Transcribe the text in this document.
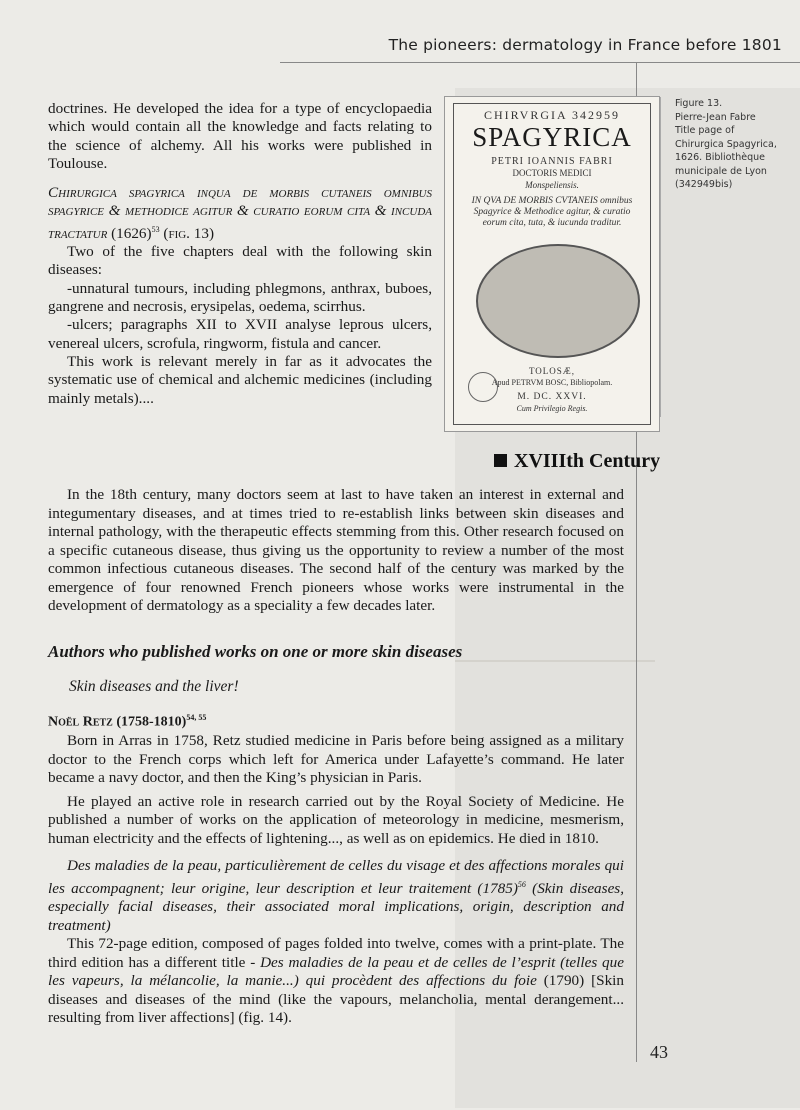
The pioneers: dermatology in France before 1801

doctrines. He developed the idea for a type of encyclopaedia which would contain all the knowledge and facts relating to the science of alchemy. All his works were published in Toulouse.

Chirurgica spagyrica inqua de morbis cutaneis omnibus spagyrice & methodice agitur & curatio eorum cita & incuda tractatur $(1626)^{53}$ (fig. 13)

Two of the five chapters deal with the following skin diseases:

-unnatural tumours, including phlegmons, anthrax, buboes, gangrene and necrosis, erysipelas, oedema, scirrhus.

-ulcers; paragraphs XII to XVII analyse leprous ulcers, venereal ulcers, scrofula, ringworm, fistula and cancer.

This work is relevant merely in far as it advocates the systematic use of chemical and alchemic medicines (including mainly metals)....

CHIRVRGIA 342959
SPAGYRICA
PETRI IOANNIS FABRI
DOCTORIS MEDICI
Monspeliensis.
IN QVA DE MORBIS CVTANEIS omnibus Spagyrice & Methodice agitur, & curatio eorum cita, tuta, & iucunda traditur.
TOLOSÆ,
Apud PETRVM BOSC, Bibliopolam.
M. DC. XXVI.
Cum Privilegio Regis.
Figure 13.
Pierre-Jean Fabre
Title page of
Chirurgica Spagyrica,
1626. Bibliothèque
municipale de Lyon
(342949bis)
XVIIIth Century

In the 18th century, many doctors seem at last to have taken an interest in external and integumentary diseases, and at times tried to re-establish links between skin diseases and internal pathology, with the therapeutic effects stemming from this. Other research focused on a specific cutaneous disease, thus giving us the opportunity to review a number of the most common infectious cutaneous diseases. The second half of the century was marked by the emergence of four renowned French pioneers whose works were instrumental in the development of dermatology as a speciality a few decades later.

Authors who published works on one or more skin diseases
Skin diseases and the liver!
Noël Retz (1758-1810)$^{54, 55}$

Born in Arras in 1758, Retz studied medicine in Paris before being assigned as a military doctor to the French corps which left for America under Lafayette’s command. He later became a navy doctor, and then the King’s physician in Paris.

He played an active role in research carried out by the Royal Society of Medicine. He published a number of works on the application of meteorology in medicine, mesmerism, human electricity and the effects of lightening..., as well as on epidemics. He died in 1810.

Des maladies de la peau, particulièrement de celles du visage et des affections morales qui les accompagnent; leur origine, leur description et leur traitement $(1785)^{56}$ (Skin diseases, especially facial diseases, their associated moral implications, origin, description and treatment)

This 72-page edition, composed of pages folded into twelve, comes with a print-plate. The third edition has a different title - Des maladies de la peau et de celles de l’esprit (telles que les vapeurs, la mélancolie, la manie...) qui procèdent des affections du foie (1790) [Skin diseases and diseases of the mind (like the vapours, melancholia, mental derangement... resulting from liver affections] (fig. 14).

43
